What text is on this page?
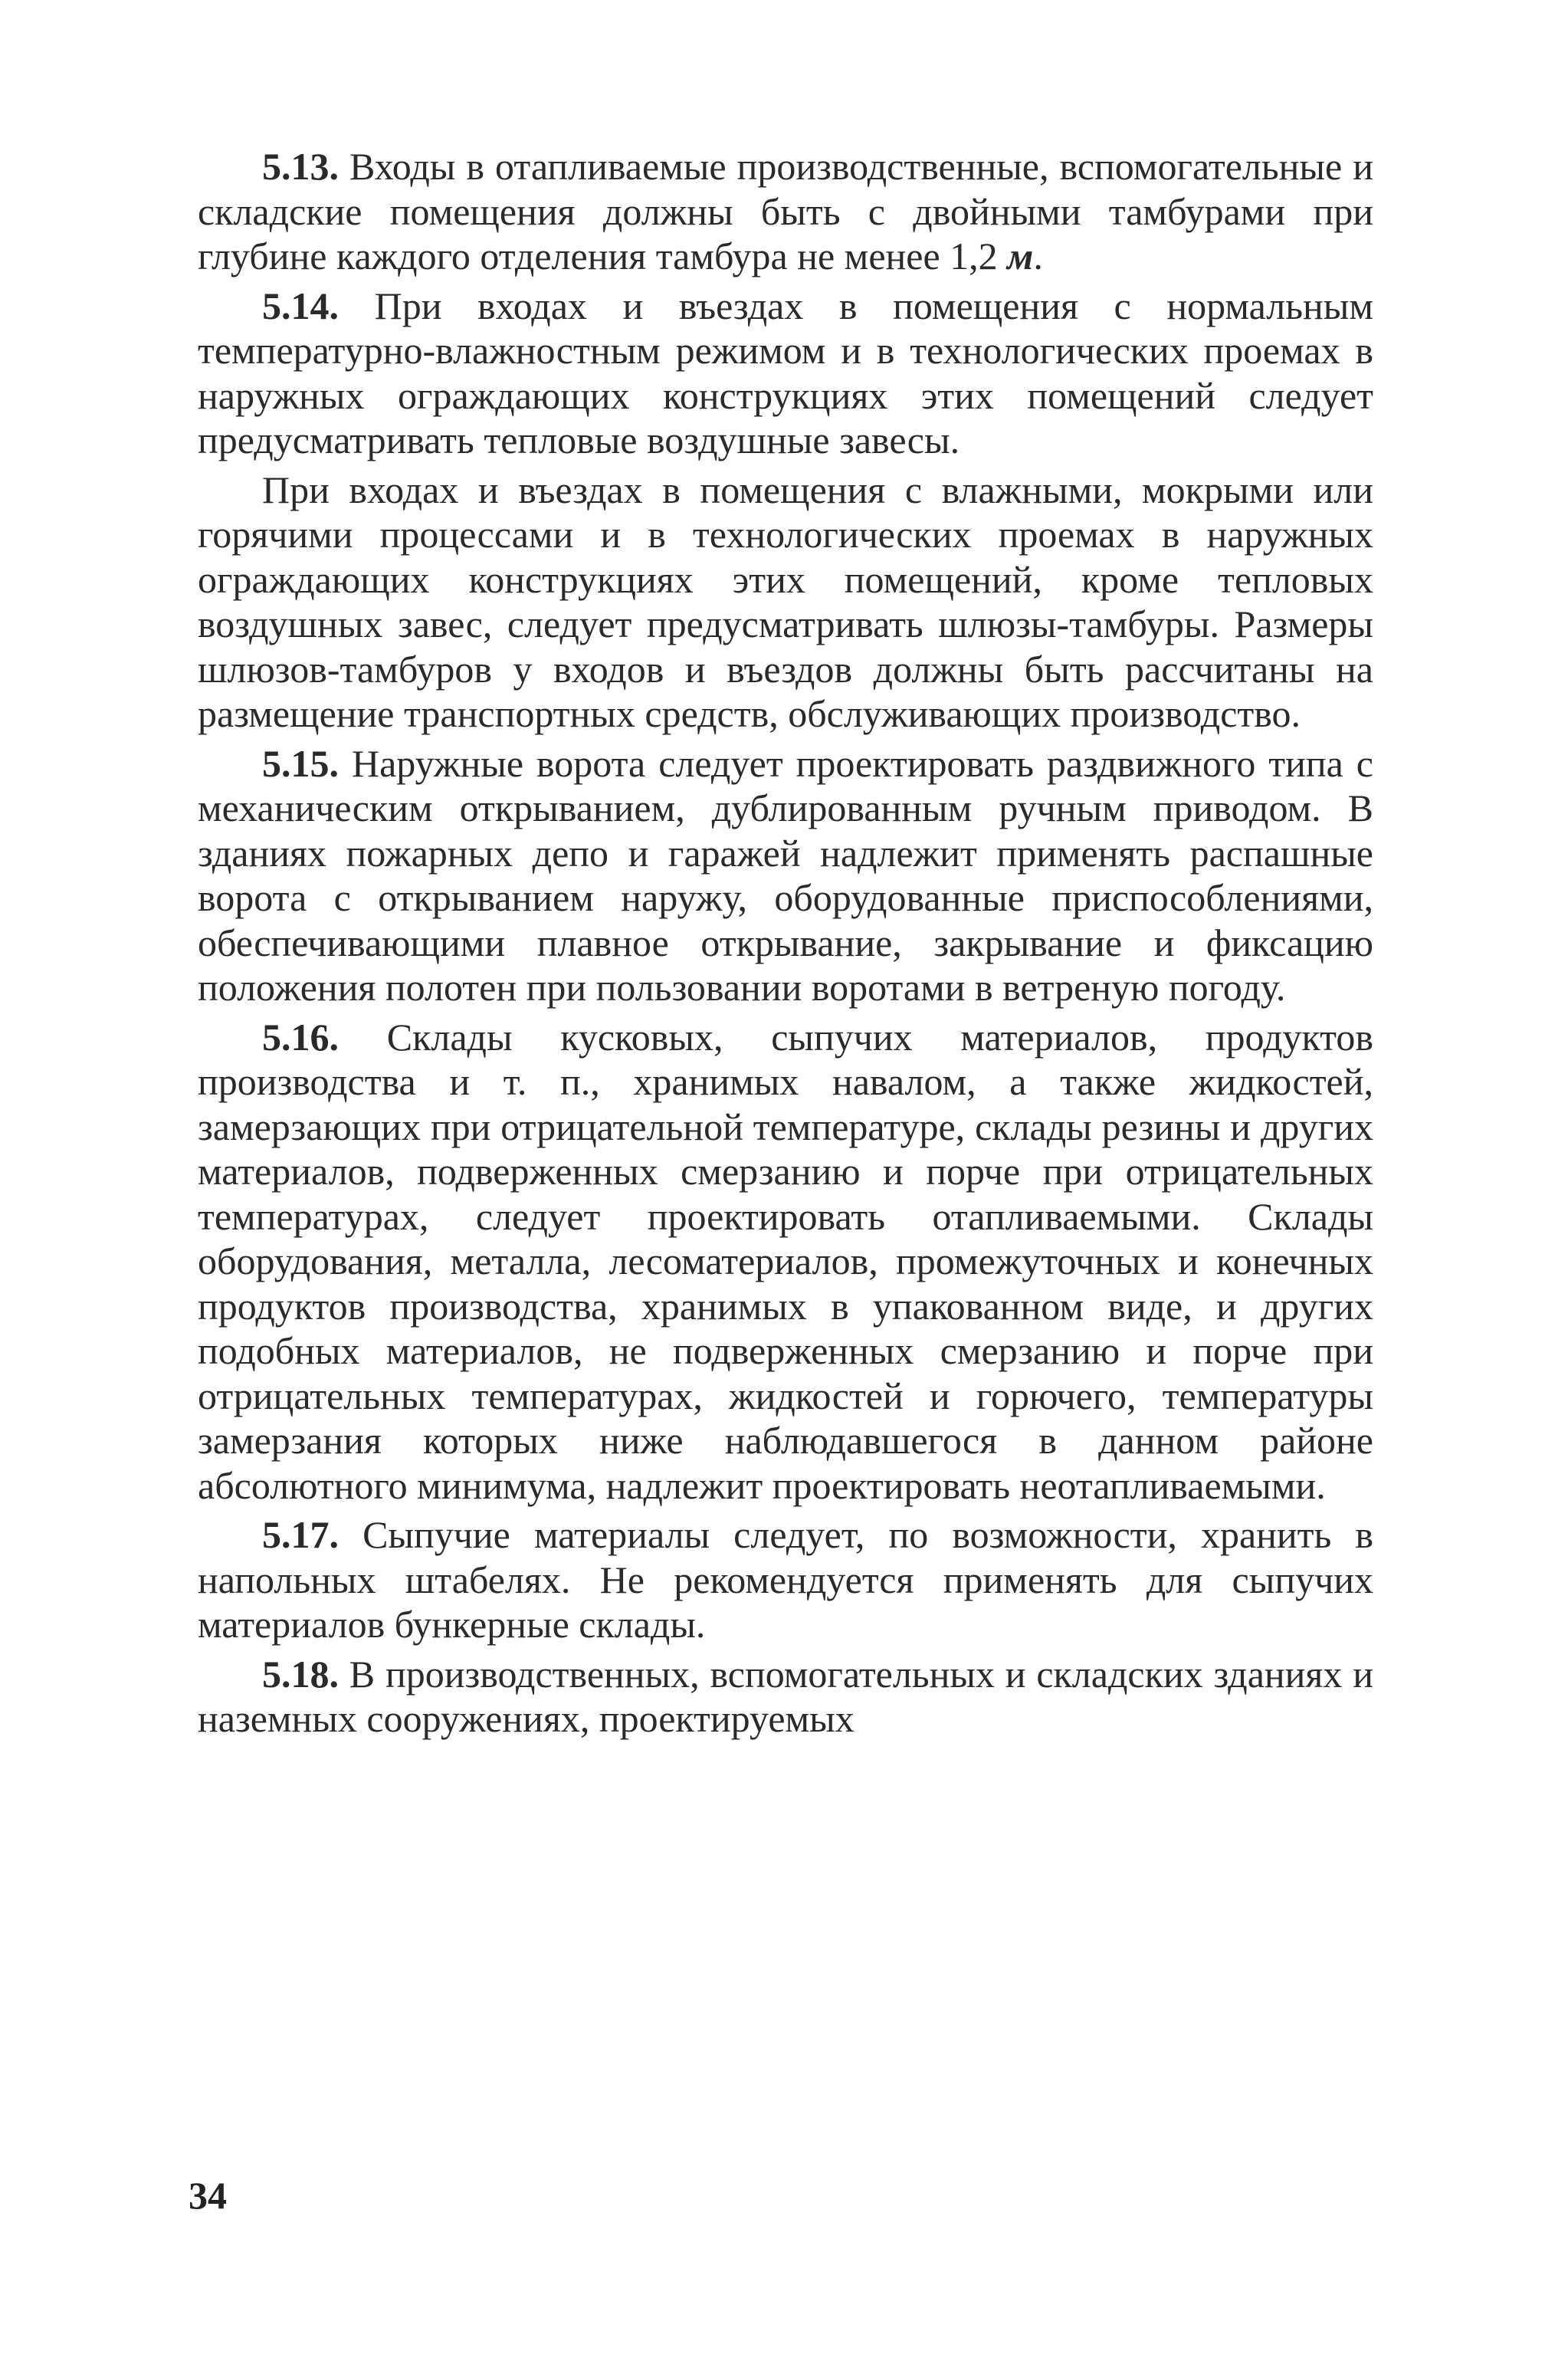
5.13. Входы в отапливаемые производственные, вспомогательные и складские помещения должны быть с двойными тамбурами при глубине каждого отделения тамбура не менее 1,2 м.

5.14. При входах и въездах в помещения с нормальным температурно-влажностным режимом и в технологических проемах в наружных ограждающих конструкциях этих помещений следует предусматривать тепловые воздушные завесы.

При входах и въездах в помещения с влажными, мокрыми или горячими процессами и в технологических проемах в наружных ограждающих конструкциях этих помещений, кроме тепловых воздушных завес, следует предусматривать шлюзы-тамбуры. Размеры шлюзов-тамбуров у входов и въездов должны быть рассчитаны на размещение транспортных средств, обслуживающих производство.

5.15. Наружные ворота следует проектировать раздвижного типа с механическим открыванием, дублированным ручным приводом. В зданиях пожарных депо и гаражей надлежит применять распашные ворота с открыванием наружу, оборудованные приспособлениями, обеспечивающими плавное открывание, закрывание и фиксацию положения полотен при пользовании воротами в ветреную погоду.

5.16. Склады кусковых, сыпучих материалов, продуктов производства и т. п., хранимых навалом, а также жидкостей, замерзающих при отрицательной температуре, склады резины и других материалов, подверженных смерзанию и порче при отрицательных температурах, следует проектировать отапливаемыми. Склады оборудования, металла, лесоматериалов, промежуточных и конечных продуктов производства, хранимых в упакованном виде, и других подобных материалов, не подверженных смерзанию и порче при отрицательных температурах, жидкостей и горючего, температуры замерзания которых ниже наблюдавшегося в данном районе абсолютного минимума, надлежит проектировать неотапливаемыми.

5.17. Сыпучие материалы следует, по возможности, хранить в напольных штабелях. Не рекомендуется применять для сыпучих материалов бункерные склады.

5.18. В производственных, вспомогательных и складских зданиях и наземных сооружениях, проектируемых

34
